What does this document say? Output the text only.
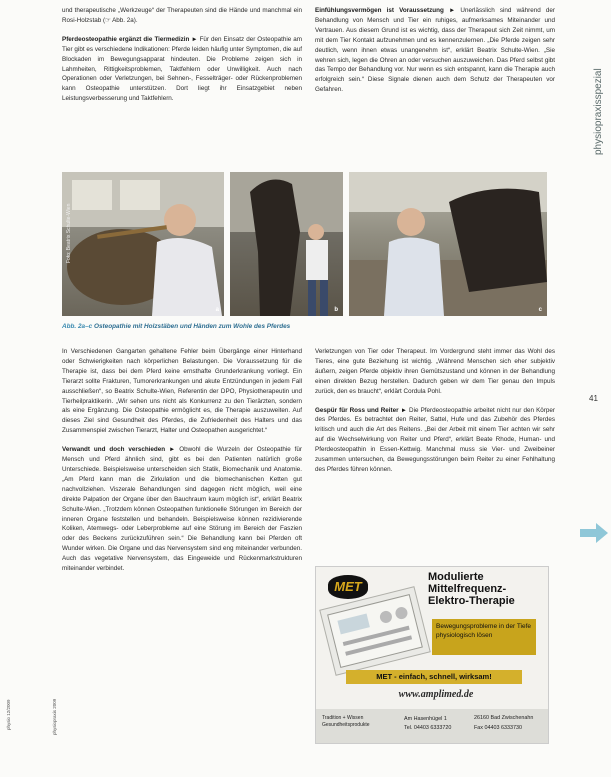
und therapeutische „Werkzeuge“ der Therapeuten sind die Hände und manchmal ein Rosi-Holzstab (☞ Abb. 2a).

Pferdeosteopathie ergänzt die Tiermedizin ► Für den Einsatz der Osteopathie am Tier gibt es verschiedene Indikationen: Pferde leiden häufig unter Symptomen, die auf Blockaden im Bewegungsapparat hindeuten. Die Probleme zeigen sich in Lahmheiten, Rittigkeitsproblemen, Taktfehlern oder Unwilligkeit. Auch nach Operationen oder Verletzungen, bei Sehnen-, Fesselträger- oder Rückenproblemen kann Osteopathie unterstützen. Dort liegt ihr Einsatzgebiet neben Leistungsverbesserung und Taktfehlern.

Einfühlungsvermögen ist Voraussetzung ► Unerlässlich sind während der Behandlung von Mensch und Tier ein ruhiges, aufmerksames Miteinander und Vertrauen. Aus diesem Grund ist es wichtig, dass der Therapeut sich Zeit nimmt, um mit dem Tier Kontakt aufzunehmen und es kennenzulernen. „Die Pferde zeigen sehr deutlich, wenn ihnen etwas unangenehm ist“, erklärt Beatrix Schulte-Wien. „Sie wehren sich, legen die Ohren an oder versuchen auszuweichen. Das Pferd selbst gibt das Tempo der Behandlung vor. Nur wenn es sich entspannt, kann die Therapie auch erfolgreich sein.“ Diese Signale dienen auch dem Schutz der Therapeuten vor Gefahren.	physiopraxisspezial
a
Foto: Beatrix Schulte-Wien
b	c
Abb. 2a–c Osteopathie mit Holzstäben und Händen zum Wohle des Pferdes

In Verschiedenen Gangarten gehaltene Fehler beim Übergänge einer Hinterhand oder Schwierigkeiten nach körperlichen Belastungen. Die Voraussetzung für die Therapie ist, dass bei dem Pferd keine ernsthafte Grunderkrankung vorliegt. Ein Tierarzt sollte Frakturen, Tumorerkrankungen und akute Entzündungen in jedem Fall ausschließen“, so Beatrix Schulte-Wien, Referentin der DPO, Physiotherapeutin und Tierheilpraktikerin. „Wir sehen uns nicht als Konkurrenz zu den Tierärzten, sondern als eine Ergänzung. Die Osteopathie ermöglicht es, die Therapie auszuweiten. Auf dieses Ziel sind Gesundheit des Pferdes, die Zufriedenheit des Halters und das Zusammenspiel zwischen Tierarzt, Halter und Osteopathen ausgerichtet.“

Verwandt und doch verschieden ► Obwohl die Wurzeln der Osteopathie für Mensch und Pferd ähnlich sind, gibt es bei den Patienten natürlich große Unterschiede. Beispielsweise unterscheiden sich Statik, Biomechanik und Anatomie. „Am Pferd kann man die Zirkulation und die biomechanischen Ketten gut nachvollziehen. Viszerale Behandlungen sind dagegen nicht möglich, weil eine direkte Palpation der Organe über den Bauchraum kaum möglich ist“, erklärt Beatrix Schulte-Wien. „Trotzdem können Osteopathen funktionelle Störungen im Bereich der inneren Organe feststellen und behandeln. Beispielsweise können rezidivierende Koliken, Atemwegs- oder Leberprobleme auf eine Störung im Bereich der Faszien oder des Beckens zurückzuführen sein.“ Die Behandlung kann bei Pferden oft Wunder wirken. Die Organe und das Nervensystem sind eng miteinander verbunden. Auch das vegetative Nervensystem, das Eingeweide und Rückenmarkstrukturen miteinander verbindet.

Verletzungen von Tier oder Therapeut. Im Vordergrund steht immer das Wohl des Tieres, eine gute Beziehung ist wichtig. „Während Menschen sich eher subjektiv äußern, zeigen Pferde objektiv ihren Gemütszustand und können in der Behandlung einen direkten Bezug herstellen. Dadurch geben wir dem Tier genau den Impuls zurück, den es braucht“, erklärt Cordula Pohl.

Gespür für Ross und Reiter ► Die Pferdeosteopathie arbeitet nicht nur den Körper des Pferdes. Es betrachtet den Reiter, Sattel, Hufe und das Zubehör des Pferdes kritisch und auch die Art des Reitens. „Bei der Arbeit mit einem Tier achten wir sehr auf die Wechselwirkung von Reiter und Pferd“, erklärt Beate Rhode, Human- und Pferdeosteopathin in Essen-Kettwig. Manchmal muss sie Vier- und Zweibeiner zusammen untersuchen, da Bewegungsstörungen beim Reiter zu einer Fehlhaltung des Pferdes führen können.

41
MET
Modulierte Mittelfrequenz-Elektro-Therapie
Bewegungsprobleme in der Tiefe physiologisch lösen
MET - einfach, schnell, wirksam!
www.amplimed.de
Tradition + Wissen
Gesundheitsprodukte
Am Hasenhügel 1	26160 Bad Zwischenahn
Tel. 04403 6333720	Fax 04403 6333730
physiopraxis 2009
physio 12/2009
